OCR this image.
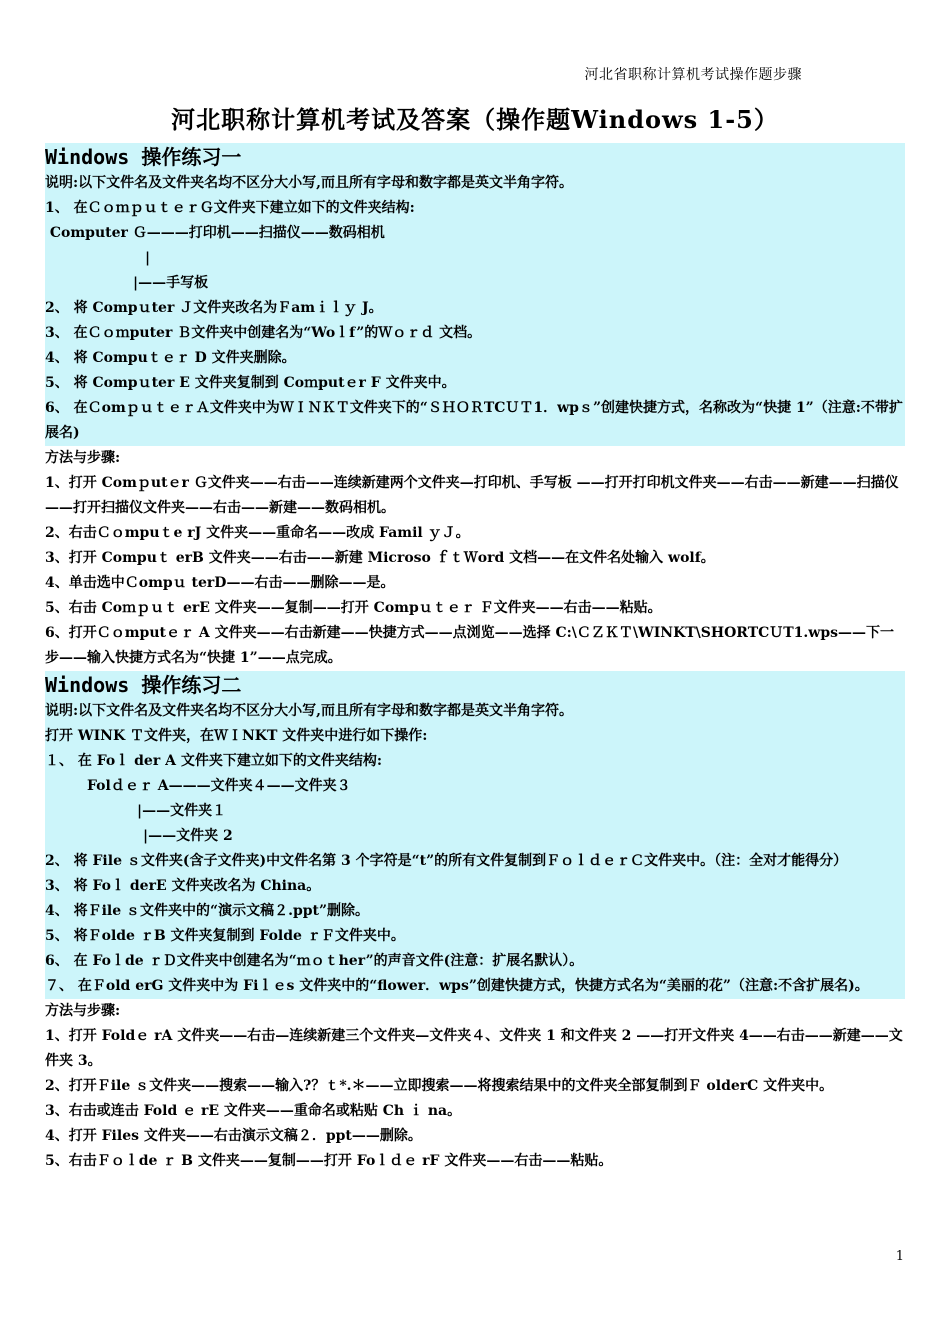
河北省职称计算机考试操作题步骤
河北职称计算机考试及答案（操作题Windows 1-5）
Windows 操作练习一
说明:以下文件名及文件夹名均不区分大小写,而且所有字母和数字都是英文半角字符。
1、 在ＣｏｍｐｕｔｅｒＧ文件夹下建立如下的文件夹结构:
Computer Ｇ———打印机——扫描仪——数码相机
|
|——手写板
2、 将 Compｕter Ｊ文件夹改名为Ｆamｉｌｙ J。
3、 在Ｃｏｍputer Ｂ文件夹中创建名为“Woｌf”的Ｗｏｒｄ 文档。
4、 将 Compuｔｅｒ D 文件夹删除。
5、 将 Compｕter E 文件夹复制到 Coｍputｅr F 文件夹中。
6、 在ＣomｐｕｔｅｒＡ文件夹中为ＷＩＮＫＴ文件夹下的“ＳＨＯＲTCＵＴ1．wpｓ”创建快捷方式，名称改为“快捷 1”（注意:不带扩展名)
方法与步骤:
1、打开 Comｐutｅr Ｇ文件夹——右击——连续新建两个文件夹—打印机、手写板 ——打开打印机文件夹——右击——新建——扫描仪——打开扫描仪文件夹——右击——新建——数码相机。
2、右击Ｃｏmpuｔe rJ 文件夹——重命名——改成 Famil ｙＪ。
3、打开 Compuｔ erB 文件夹——右击——新建 Microso ｆｔＷord 文档——在文件名处输入 wolf。
4、单击选中Ｃompｕ terD——右击——删除——是。
5、右击 Coｍｐｕｔ erE 文件夹——复制——打开 Compｕｔｅｒ Ｆ文件夹——右击——粘贴。
6、打开Ｃｏmputｅｒ A 文件夹——右击新建——快捷方式——点浏览——选择 C:\ＣＺＫＴ\WINKT\SHORTCＵT1.wps——下一步——输入快捷方式名为“快捷 1”——点完成。
Windows 操作练习二
说明:以下文件名及文件夹名均不区分大小写,而且所有字母和数字都是英文半角字符。
打开 WINK Ｔ文件夹，在ＷＩNKT 文件夹中进行如下操作:
１、 在 Foｌ der A 文件夹下建立如下的文件夹结构:
Folｄｅｒ A———文件夹４——文件夹３
|——文件夹１
|——文件夹 2
2、 将 File ｓ文件夹(含子文件夹)中文件名第 3 个字符是“t”的所有文件复制到ＦｏｌｄｅｒＣ文件夹中。（注：全对才能得分）
3、 将 Foｌ derE 文件夹改名为 China。
4、 将Ｆile ｓ文件夹中的“演示文稿２.ppt”删除。
5、 将Ｆolde ｒB 文件夹复制到 Folde ｒＦ文件夹中。
6、 在 Foｌde ｒＤ文件夹中创建名为“ｍｏｔher”的声音文件(注意：扩展名默认）。
７、 在Ｆold erG 文件夹中为 Fiｌｅs 文件夹中的“flower．wps”创建快捷方式，快捷方式名为“美丽的花”（注意:不含扩展名)。
方法与步骤:
1、打开 Foldｅ rA 文件夹——右击—连续新建三个文件夹—文件夹４、文件夹 1 和文件夹 2 ——打开文件夹 4——右击——新建——文件夹 3。
2、打开Ｆile ｓ文件夹——搜索——输入?？ｔ*.＊——立即搜索——将搜索结果中的文件夹全部复制到Ｆ olderC 文件夹中。
3、右击或连击 Fold ｅ rE 文件夹——重命名或粘贴 Ch ｉ na。
4、打开 Files 文件夹——右击演示文稿２．ppt——删除。
5、右击Ｆｏｌde ｒ B 文件夹——复制——打开 Foｌｄｅ rF 文件夹——右击——粘贴。
1
